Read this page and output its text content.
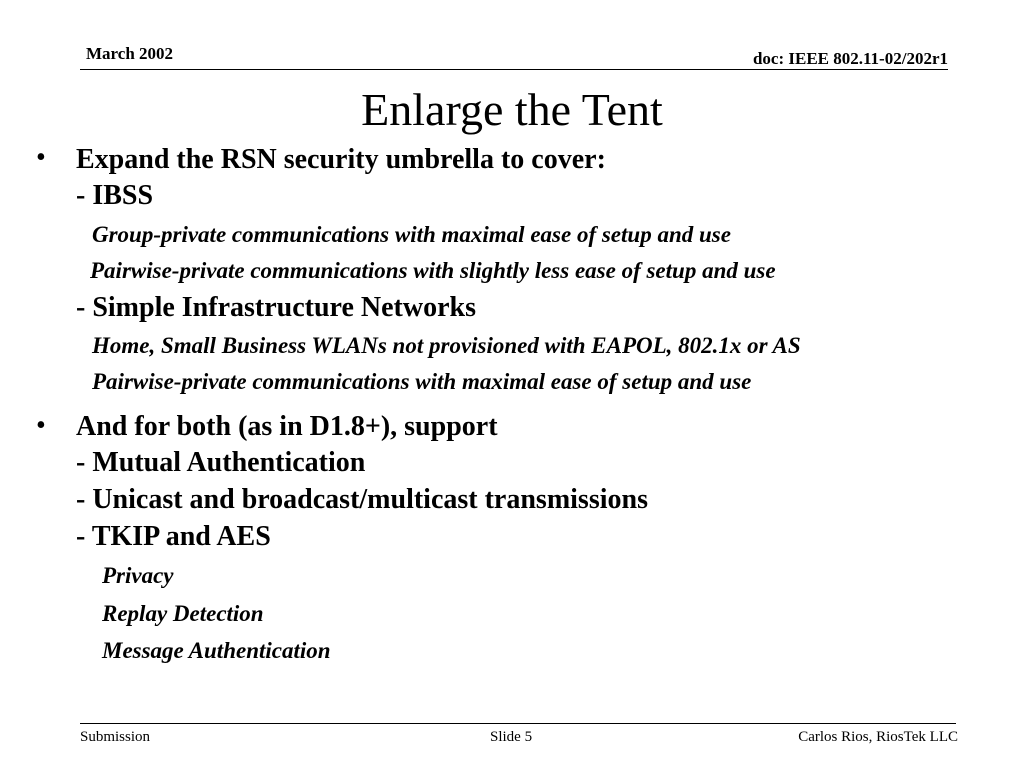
March 2002	doc: IEEE 802.11-02/202r1
Enlarge the Tent
• Expand the RSN security umbrella to cover:
- IBSS
Group-private communications with maximal ease of setup and use
Pairwise-private communications with slightly less ease of setup and use
- Simple Infrastructure Networks
Home, Small Business WLANs not provisioned with EAPOL, 802.1x or AS
Pairwise-private communications with maximal ease of setup and use
• And for both (as in D1.8+), support
- Mutual Authentication
- Unicast and broadcast/multicast transmissions
- TKIP and AES
Privacy
Replay Detection
Message Authentication
Submission	Slide 5	Carlos Rios, RiosTek LLC
